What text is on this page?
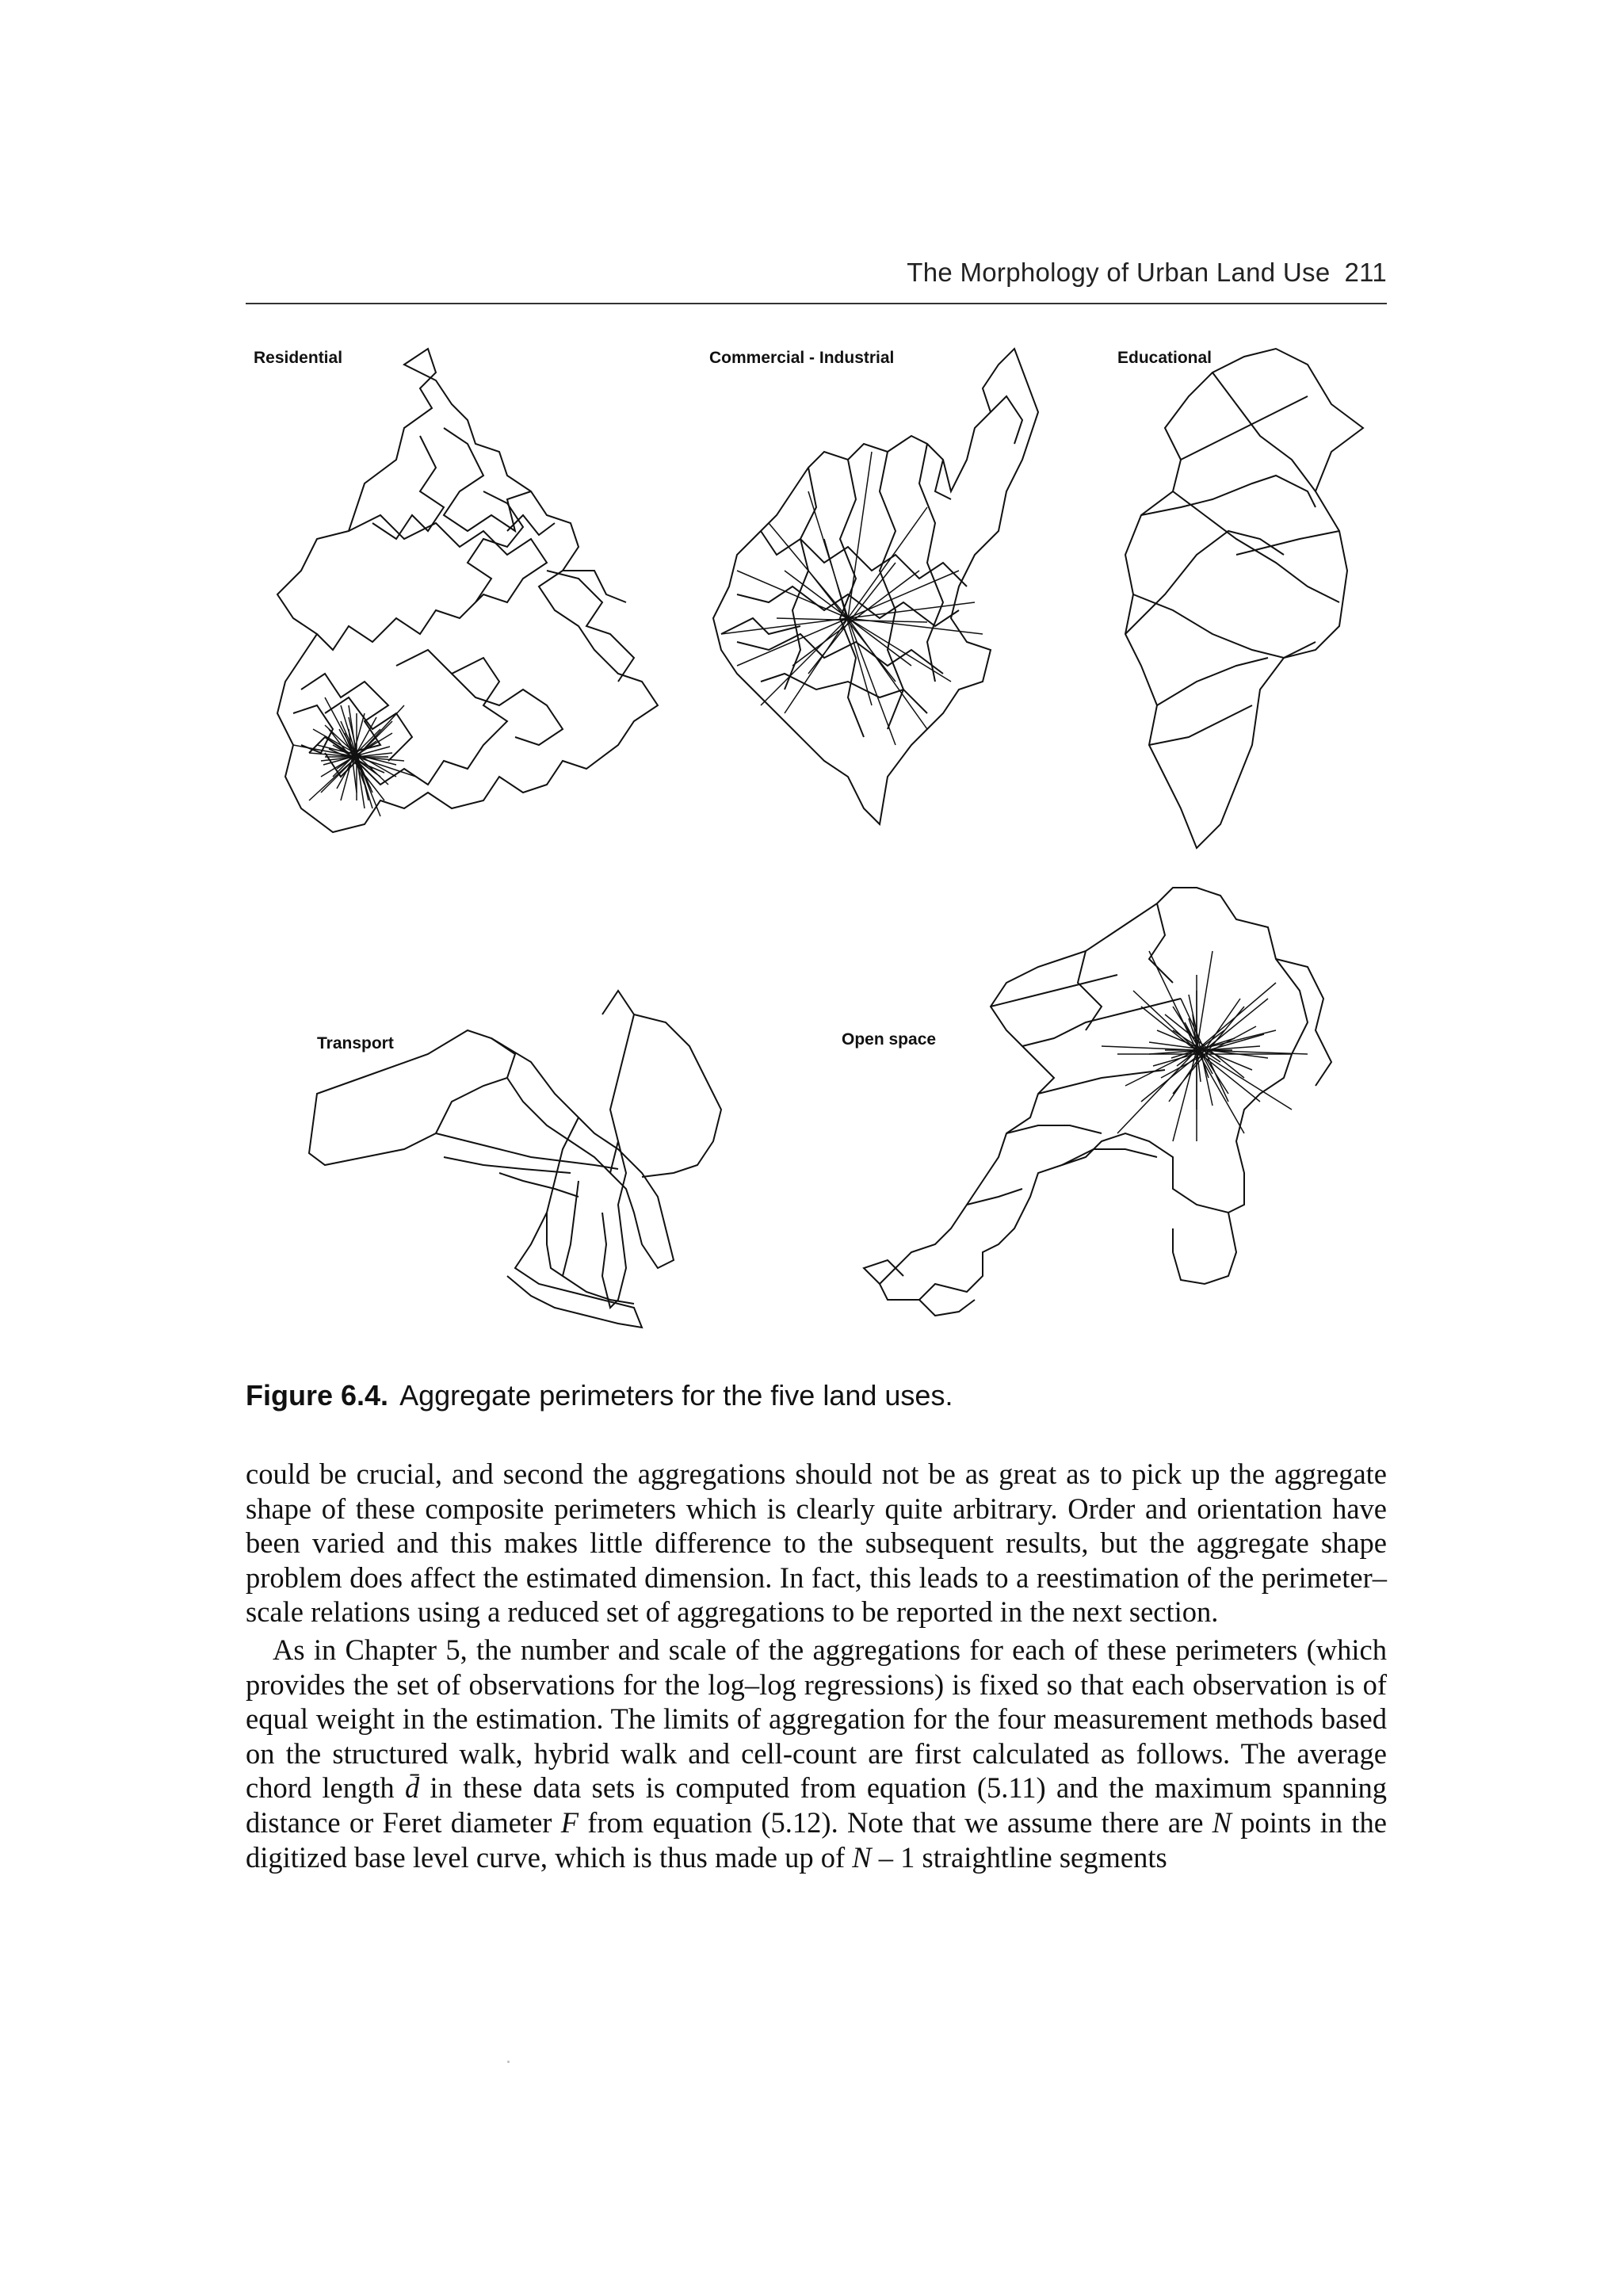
The Morphology of Urban Land Use 211
Residential	Commercial - Industrial	Educational
Transport	Open space
Figure 6.4. Aggregate perimeters for the five land uses.

could be crucial, and second the aggregations should not be as great as to pick up the aggregate shape of these composite perimeters which is clearly quite arbitrary. Order and orientation have been varied and this makes little difference to the subsequent results, but the aggregate shape problem does affect the estimated dimension. In fact, this leads to a reestimation of the perimeter–scale relations using a reduced set of aggregations to be reported in the next section.

As in Chapter 5, the number and scale of the aggregations for each of these perimeters (which provides the set of observations for the log–log regressions) is fixed so that each observation is of equal weight in the estimation. The limits of aggregation for the four measurement methods based on the structured walk, hybrid walk and cell-count are first calculated as follows. The average chord length d̄ in these data sets is computed from equation (5.11) and the maximum spanning distance or Feret diameter F from equation (5.12). Note that we assume there are N points in the digitized base level curve, which is thus made up of N – 1 straightline segments
